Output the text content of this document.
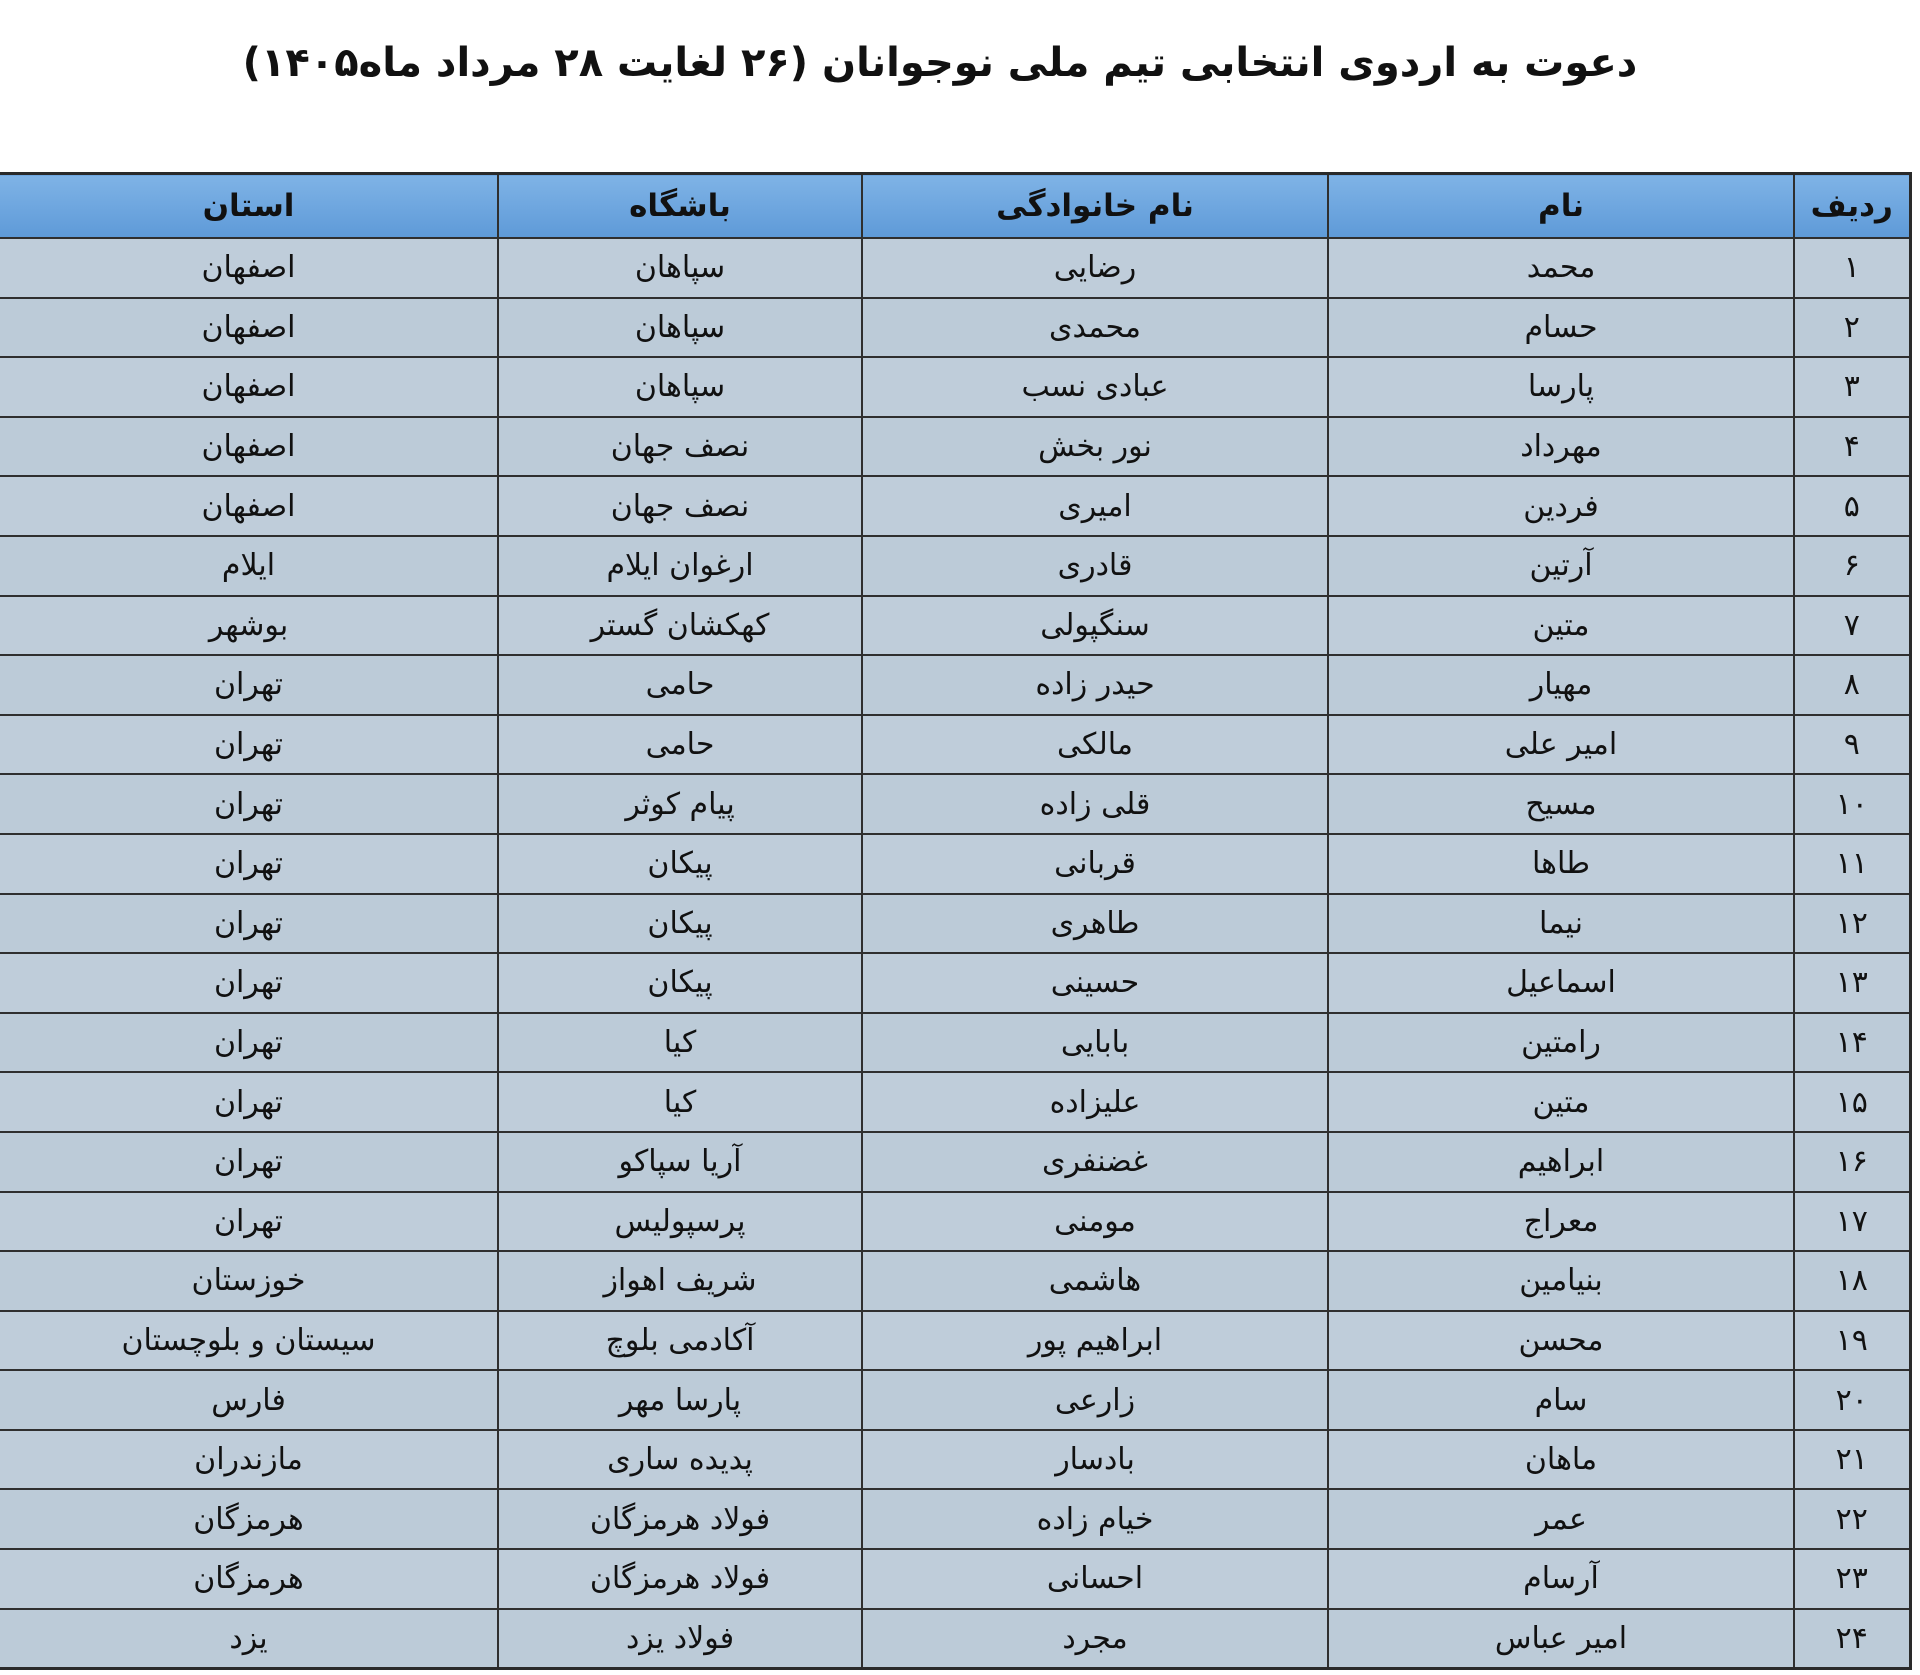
دعوت به اردوی انتخابی تیم ملی نوجوانان (۲۶ لغایت ۲۸ مرداد ماه۱۴۰۵)
ردیف	نام	نام خانوادگی	باشگاه	استان
۱	محمد	رضایی	سپاهان	اصفهان
۲	حسام	محمدی	سپاهان	اصفهان
۳	پارسا	عبادی نسب	سپاهان	اصفهان
۴	مهرداد	نور بخش	نصف جهان	اصفهان
۵	فردین	امیری	نصف جهان	اصفهان
۶	آرتین	قادری	ارغوان ایلام	ایلام
۷	متین	سنگپولی	کهکشان گستر	بوشهر
۸	مهیار	حیدر زاده	حامی	تهران
۹	امیر علی	مالکی	حامی	تهران
۱۰	مسیح	قلی زاده	پیام کوثر	تهران
۱۱	طاها	قربانی	پیکان	تهران
۱۲	نیما	طاهری	پیکان	تهران
۱۳	اسماعیل	حسینی	پیکان	تهران
۱۴	رامتین	بابایی	کیا	تهران
۱۵	متین	علیزاده	کیا	تهران
۱۶	ابراهیم	غضنفری	آریا سپاکو	تهران
۱۷	معراج	مومنی	پرسپولیس	تهران
۱۸	بنیامین	هاشمی	شریف اهواز	خوزستان
۱۹	محسن	ابراهیم پور	آکادمی بلوچ	سیستان و بلوچستان
۲۰	سام	زارعی	پارسا مهر	فارس
۲۱	ماهان	بادسار	پدیده ساری	مازندران
۲۲	عمر	خیام زاده	فولاد هرمزگان	هرمزگان
۲۳	آرسام	احسانی	فولاد هرمزگان	هرمزگان
۲۴	امیر عباس	مجرد	فولاد یزد	یزد
